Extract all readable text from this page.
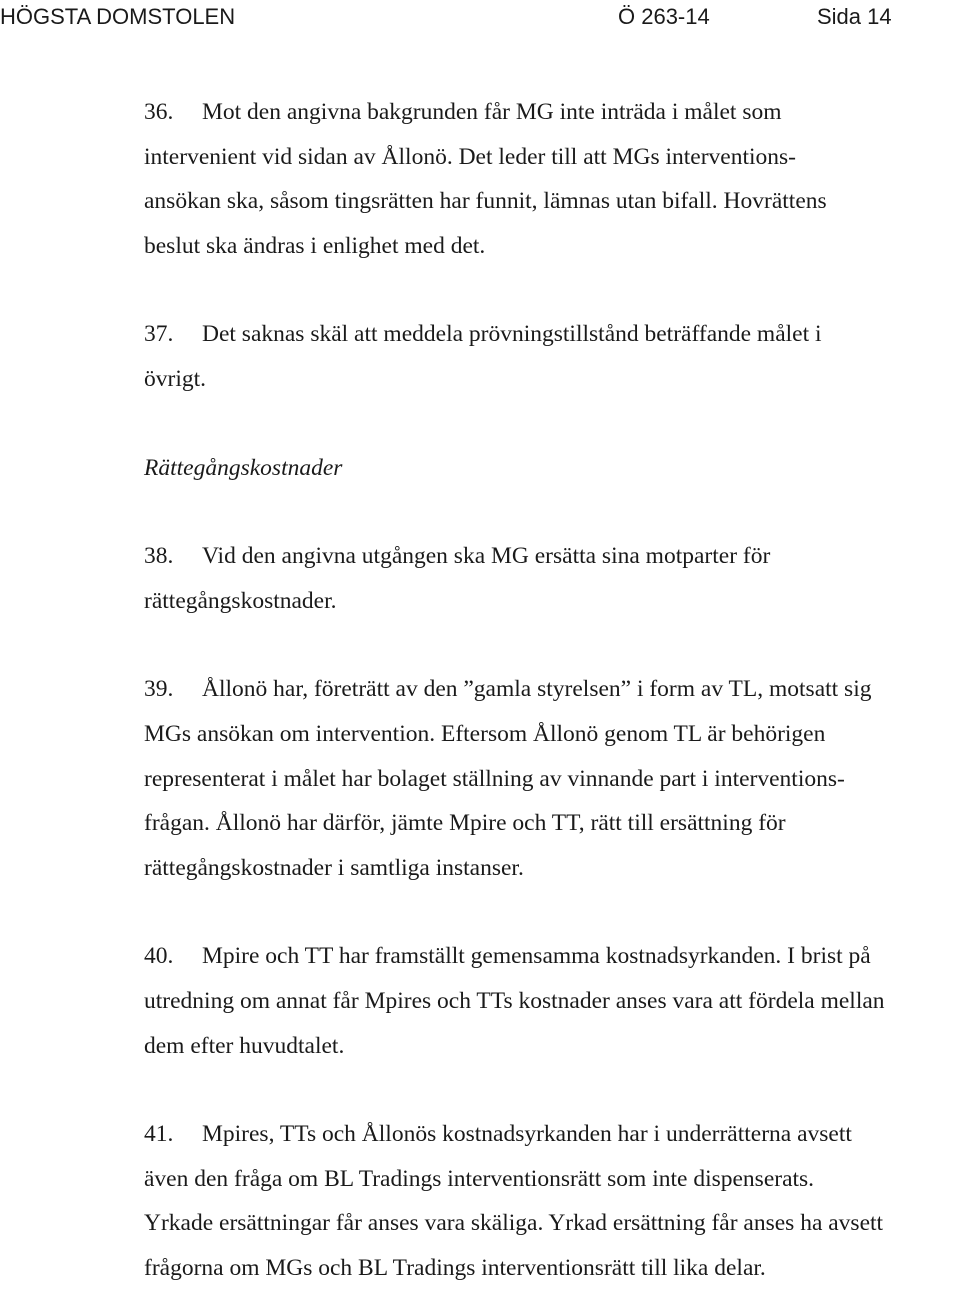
HÖGSTA DOMSTOLEN	Ö 263-14	Sida 14

36. Mot den angivna bakgrunden får MG inte inträda i målet som
intervenient vid sidan av Ållonö. Det leder till att MGs interventions-
ansökan ska, såsom tingsrätten har funnit, lämnas utan bifall. Hovrättens
beslut ska ändras i enlighet med det.

37. Det saknas skäl att meddela prövningstillstånd beträffande målet i
övrigt.

Rättegångskostnader

38. Vid den angivna utgången ska MG ersätta sina motparter för
rättegångskostnader.

39. Ållonö har, företrätt av den ”gamla styrelsen” i form av TL, motsatt sig
MGs ansökan om intervention. Eftersom Ållonö genom TL är behörigen
representerat i målet har bolaget ställning av vinnande part i interventions-
frågan. Ållonö har därför, jämte Mpire och TT, rätt till ersättning för
rättegångskostnader i samtliga instanser.

40. Mpire och TT har framställt gemensamma kostnadsyrkanden. I brist på
utredning om annat får Mpires och TTs kostnader anses vara att fördela mellan
dem efter huvudtalet.

41. Mpires, TTs och Ållonös kostnadsyrkanden har i underrätterna avsett
även den fråga om BL Tradings interventionsrätt som inte dispenserats.
Yrkade ersättningar får anses vara skäliga. Yrkad ersättning får anses ha avsett
frågorna om MGs och BL Tradings interventionsrätt till lika delar.
